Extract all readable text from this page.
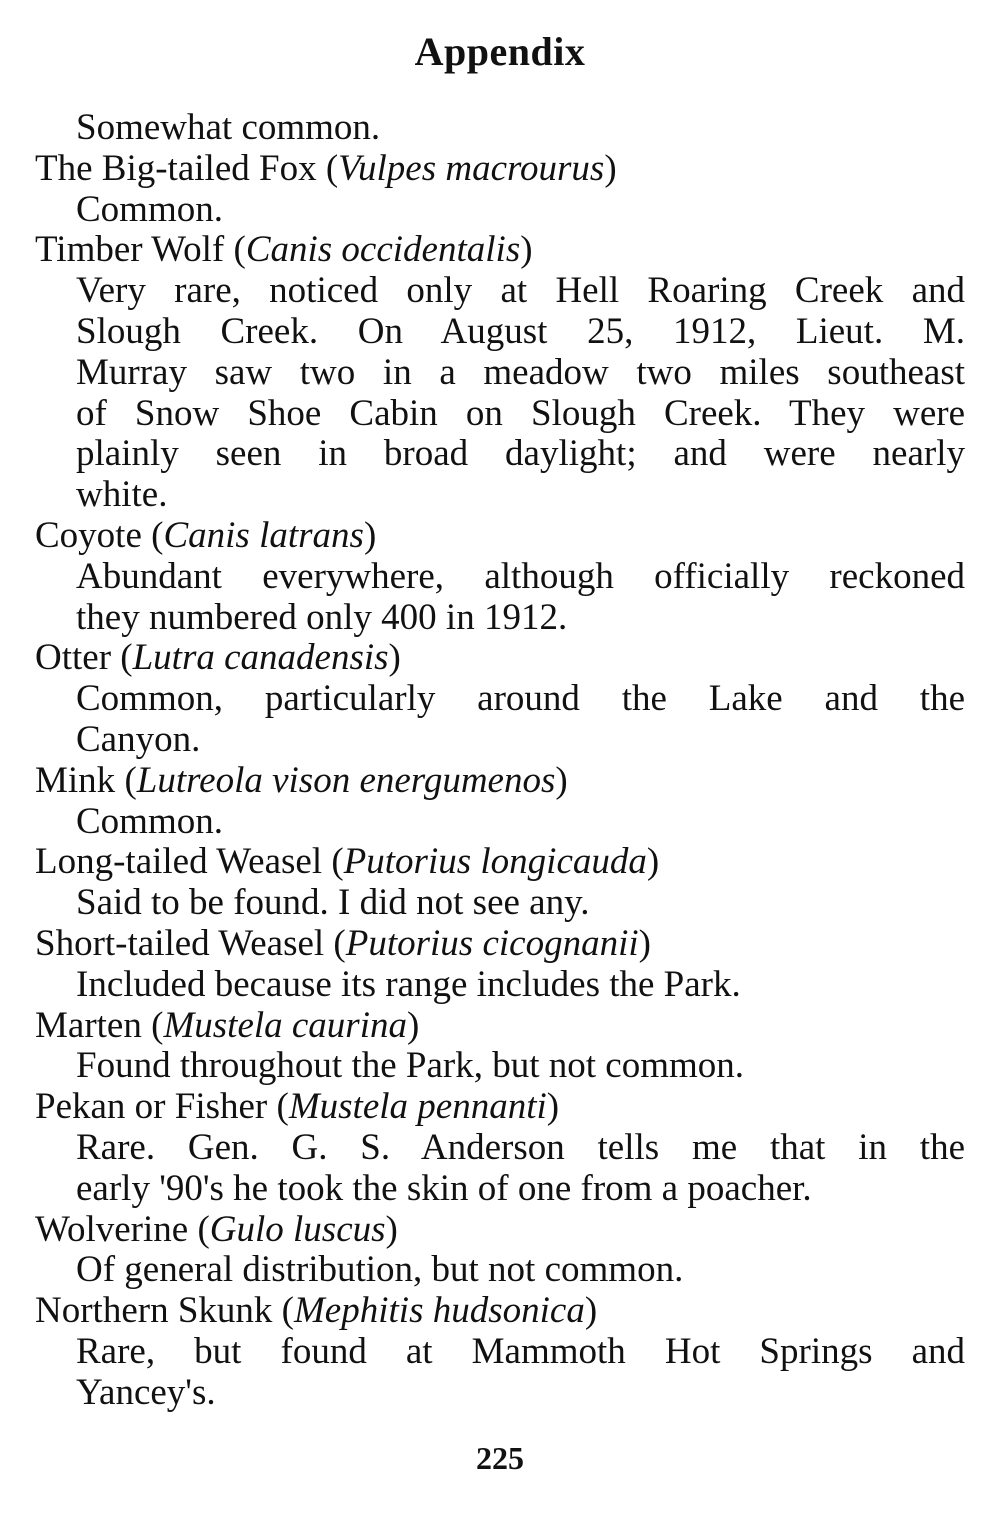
Appendix
Somewhat common.
The Big-tailed Fox (Vulpes macrourus)
Common.
Timber Wolf (Canis occidentalis)
Very rare, noticed only at Hell Roaring Creek and
Slough Creek. On August 25, 1912, Lieut. M.
Murray saw two in a meadow two miles southeast
of Snow Shoe Cabin on Slough Creek. They were
plainly seen in broad daylight; and were nearly
white.
Coyote (Canis latrans)
Abundant everywhere, although officially reckoned
they numbered only 400 in 1912.
Otter (Lutra canadensis)
Common, particularly around the Lake and the
Canyon.
Mink (Lutreola vison energumenos)
Common.
Long-tailed Weasel (Putorius longicauda)
Said to be found. I did not see any.
Short-tailed Weasel (Putorius cicognanii)
Included because its range includes the Park.
Marten (Mustela caurina)
Found throughout the Park, but not common.
Pekan or Fisher (Mustela pennanti)
Rare. Gen. G. S. Anderson tells me that in the
early '90's he took the skin of one from a poacher.
Wolverine (Gulo luscus)
Of general distribution, but not common.
Northern Skunk (Mephitis hudsonica)
Rare, but found at Mammoth Hot Springs and
Yancey's.
225
